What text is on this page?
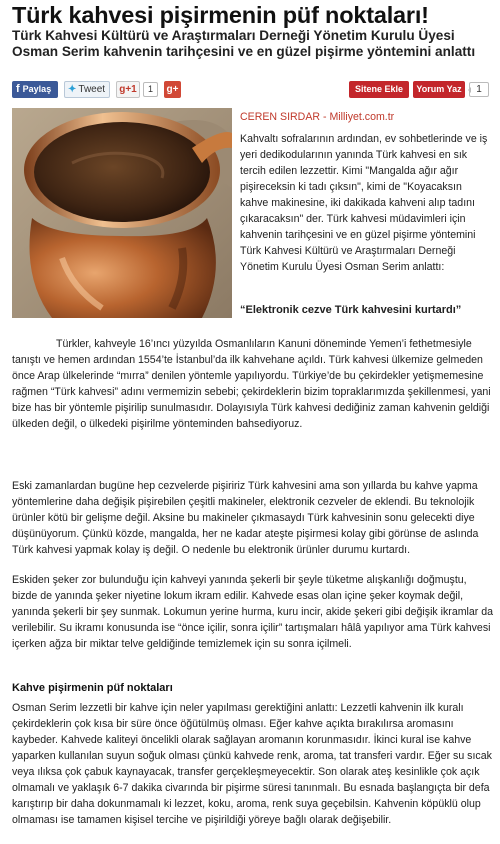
Türk kahvesi pişirmenin püf noktaları!
Türk Kahvesi Kültürü ve Araştırmaları Derneği Yönetim Kurulu Üyesi Osman Serim kahvenin tarihçesini ve en güzel pişirme yöntemini anlattı
f Paylaş	✦ Tweet	g+1	1	g+	Sitene Ekle	Yorum Yaz	1
CEREN SIRDAR - Milliyet.com.tr
Kahvaltı sofralarının ardından, ev sohbetlerinde ve iş yeri dedikodularının yanında Türk kahvesi en sık tercih edilen lezzettir. Kimi "Mangalda ağır ağır pişireceksin ki tadı çıksın", kimi de "Koyacaksın kahve makinesine, iki dakikada kahveni alıp tadını çıkaracaksın" der. Türk kahvesi müdavimleri için kahvenin tarihçesini ve en güzel pişirme yöntemini Türk Kahvesi Kültürü ve Araştırmaları Derneği Yönetim Kurulu Üyesi Osman Serim anlattı:
“Elektronik cezve Türk kahvesini kurtardı”
Türkler, kahveyle 16’ıncı yüzyılda Osmanlıların Kanuni döneminde Yemen’i fethetmesiyle tanıştı ve hemen ardından 1554’te İstanbul’da ilk kahvehane açıldı. Türk kahvesi ülkemize gelmeden önce Arap ülkelerinde “mırra” denilen yöntemle yapılıyordu. Türkiye’de bu çekirdekler yetişmemesine rağmen “Türk kahvesi” adını vermemizin sebebi; çekirdeklerin bizim topraklarımızda şekillenmesi, yani bize has bir yöntemle pişirilip sunulmasıdır. Dolayısıyla Türk kahvesi dediğiniz zaman kahvenin geldiği ülkeden değil, o ülkedeki pişirilme yönteminden bahsediyoruz.
Eski zamanlardan bugüne hep cezvelerde pişiririz Türk kahvesini ama son yıllarda bu kahve yapma yöntemlerine daha değişik pişirebilen çeşitli makineler, elektronik cezveler de eklendi. Bu teknolojik ürünler kötü bir gelişme değil. Aksine bu makineler çıkmasaydı Türk kahvesinin sonu gelecekti diye düşünüyorum. Çünkü közde, mangalda, her ne kadar ateşte pişirmesi kolay gibi görünse de aslında Türk kahvesi yapmak kolay iş değil. O nedenle bu elektronik ürünler durumu kurtardı.
Eskiden şeker zor bulunduğu için kahveyi yanında şekerli bir şeyle tüketme alışkanlığı doğmuştu, bizde de yanında şeker niyetine lokum ikram edilir. Kahvede esas olan içine şeker koymak değil, yanında şekerli bir şey sunmak. Lokumun yerine hurma, kuru incir, akide şekeri gibi değişik ikramlar da verilebilir. Su ikramı konusunda ise “önce içilir, sonra içilir” tartışmaları hâlâ yapılıyor ama Türk kahvesi içerken ağza bir miktar telve geldiğinde temizlemek için su sonra içilmeli.
Kahve pişirmenin püf noktaları
Osman Serim lezzetli bir kahve için neler yapılması gerektiğini anlattı: Lezzetli kahvenin ilk kuralı çekirdeklerin çok kısa bir süre önce öğütülmüş olması. Eğer kahve açıkta bırakılırsa aromasını kaybeder. Kahvede kaliteyi öncelikli olarak sağlayan aromanın korunmasıdır. İkinci kural ise kahve yaparken kullanılan suyun soğuk olması çünkü kahvede renk, aroma, tat transferi vardır. Eğer su sıcak veya ılıksa çok çabuk kaynayacak, transfer gerçekleşmeyecektir. Son olarak ateş kesinlikle çok açık olmamalı ve yaklaşık 6-7 dakika civarında bir pişirme süresi tanınmalı. Bu esnada başlangıçta bir defa karıştırıp bir daha dokunmamalı ki lezzet, koku, aroma, renk suya geçebilsin. Kahvenin köpüklü olup olmaması ise tamamen kişisel tercihe ve pişirildiği yöreye bağlı olarak değişebilir.
